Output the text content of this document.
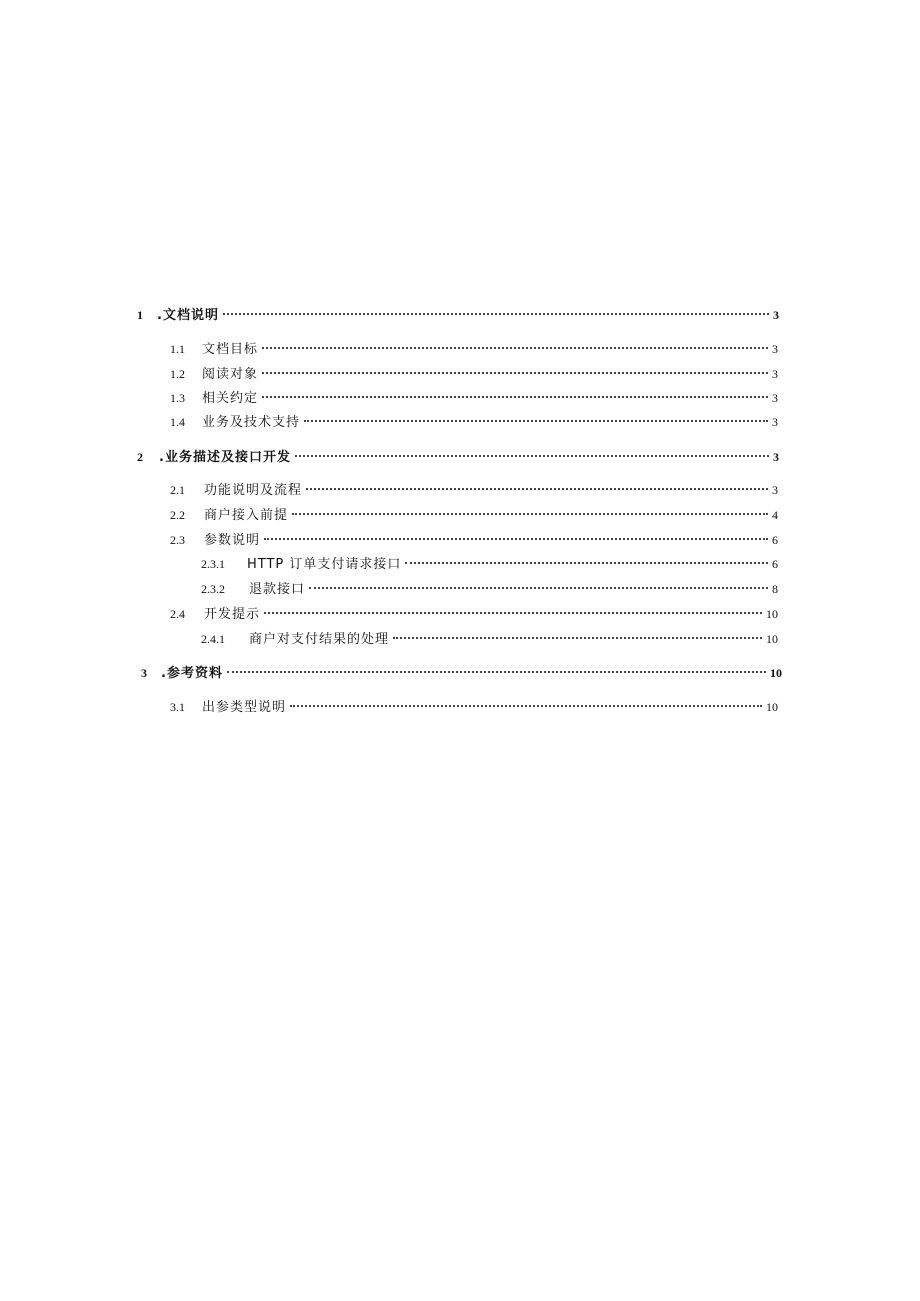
1	.文档说明	3
1.1	文档目标	3
1.2	阅读对象	3
1.3	相关约定	3
1.4	业务及技术支持	3
2	.业务描述及接口开发	3
2.1	功能说明及流程	3
2.2	商户接入前提	4
2.3	参数说明	6
2.3.1	HTTP 订单支付请求接口	6
2.3.2	退款接口	8
2.4	开发提示	10
2.4.1	商户对支付结果的处理	10
3	.参考资料	10
3.1	出参类型说明	10
